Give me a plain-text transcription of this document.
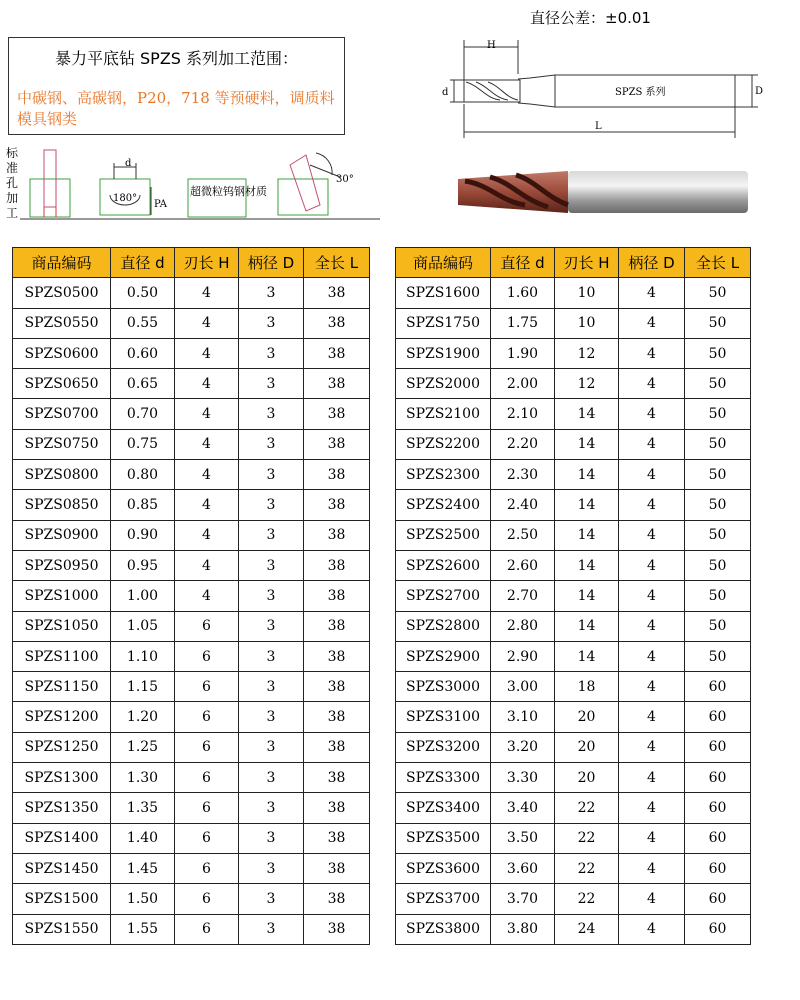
直径公差：±0.01
暴力平底钻 SPZS 系列加工范围：
中碳钢、高碳钢，P20，718 等预硬料，调质料模具钢类
H
d	D
L
SPZS 系列
标准孔加工
d
180°
PA
超微粒钨钢材质
30°
商品编码	直径 d	刃长 H	柄径 D	全长 L
SPZS0500	0.50	4	3	38
SPZS0550	0.55	4	3	38
SPZS0600	0.60	4	3	38
SPZS0650	0.65	4	3	38
SPZS0700	0.70	4	3	38
SPZS0750	0.75	4	3	38
SPZS0800	0.80	4	3	38
SPZS0850	0.85	4	3	38
SPZS0900	0.90	4	3	38
SPZS0950	0.95	4	3	38
SPZS1000	1.00	4	3	38
SPZS1050	1.05	6	3	38
SPZS1100	1.10	6	3	38
SPZS1150	1.15	6	3	38
SPZS1200	1.20	6	3	38
SPZS1250	1.25	6	3	38
SPZS1300	1.30	6	3	38
SPZS1350	1.35	6	3	38
SPZS1400	1.40	6	3	38
SPZS1450	1.45	6	3	38
SPZS1500	1.50	6	3	38
SPZS1550	1.55	6	3	38
商品编码	直径 d	刃长 H	柄径 D	全长 L
SPZS1600	1.60	10	4	50
SPZS1750	1.75	10	4	50
SPZS1900	1.90	12	4	50
SPZS2000	2.00	12	4	50
SPZS2100	2.10	14	4	50
SPZS2200	2.20	14	4	50
SPZS2300	2.30	14	4	50
SPZS2400	2.40	14	4	50
SPZS2500	2.50	14	4	50
SPZS2600	2.60	14	4	50
SPZS2700	2.70	14	4	50
SPZS2800	2.80	14	4	50
SPZS2900	2.90	14	4	50
SPZS3000	3.00	18	4	60
SPZS3100	3.10	20	4	60
SPZS3200	3.20	20	4	60
SPZS3300	3.30	20	4	60
SPZS3400	3.40	22	4	60
SPZS3500	3.50	22	4	60
SPZS3600	3.60	22	4	60
SPZS3700	3.70	22	4	60
SPZS3800	3.80	24	4	60
